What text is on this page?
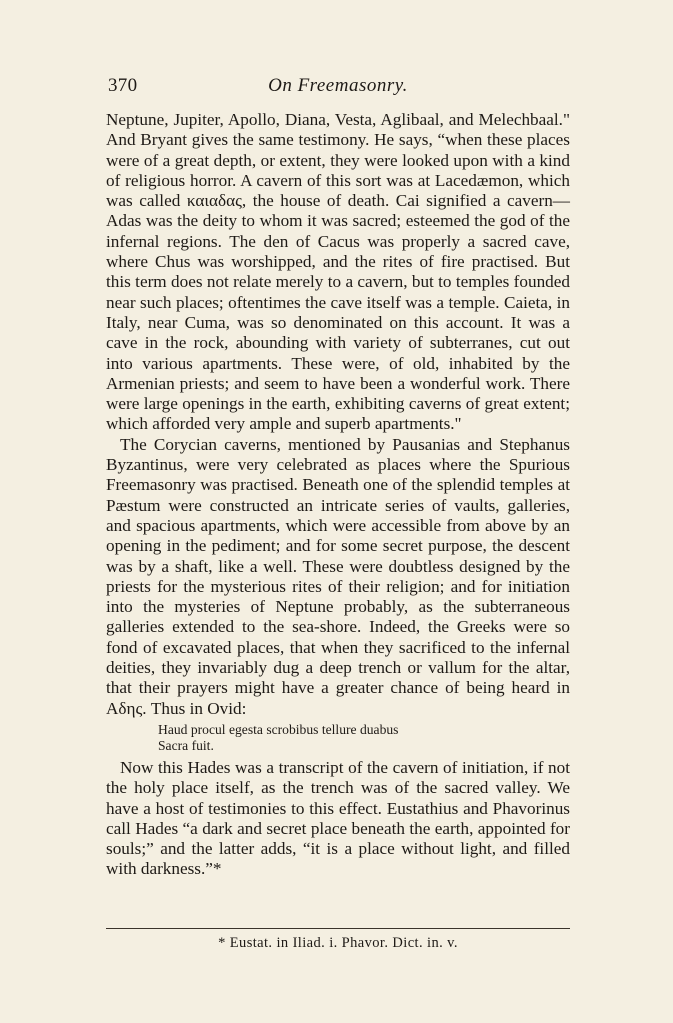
370	On Freemasonry.

Neptune, Jupiter, Apollo, Diana, Vesta, Aglibaal, and Melechbaal." And Bryant gives the same testimony. He says, “when these places were of a great depth, or extent, they were looked upon with a kind of religious horror. A cavern of this sort was at Lacedæmon, which was called καιαδας, the house of death. Cai signified a cavern—Adas was the deity to whom it was sacred; esteemed the god of the infernal regions. The den of Cacus was properly a sacred cave, where Chus was worshipped, and the rites of fire practised. But this term does not relate merely to a cavern, but to temples founded near such places; oftentimes the cave itself was a temple. Caieta, in Italy, near Cuma, was so denominated on this account. It was a cave in the rock, abounding with variety of subterranes, cut out into various apartments. These were, of old, inhabited by the Armenian priests; and seem to have been a wonderful work. There were large openings in the earth, exhibiting caverns of great extent; which afforded very ample and superb apartments."

The Corycian caverns, mentioned by Pausanias and Stephanus Byzantinus, were very celebrated as places where the Spurious Freemasonry was practised. Beneath one of the splendid temples at Pæstum were constructed an intricate series of vaults, galleries, and spacious apartments, which were accessible from above by an opening in the pediment; and for some secret purpose, the descent was by a shaft, like a well. These were doubtless designed by the priests for the mysterious rites of their religion; and for initiation into the mysteries of Neptune probably, as the subterraneous galleries extended to the sea-shore. Indeed, the Greeks were so fond of excavated places, that when they sacrificed to the infernal deities, they invariably dug a deep trench or vallum for the altar, that their prayers might have a greater chance of being heard in Αδης. Thus in Ovid:

Haud procul egesta scrobibus tellure duabus
Sacra fuit.

Now this Hades was a transcript of the cavern of initiation, if not the holy place itself, as the trench was of the sacred valley. We have a host of testimonies to this effect. Eustathius and Phavorinus call Hades “a dark and secret place beneath the earth, appointed for souls;” and the latter adds, “it is a place without light, and filled with darkness.”*

* Eustat. in Iliad. i. Phavor. Dict. in. v.
